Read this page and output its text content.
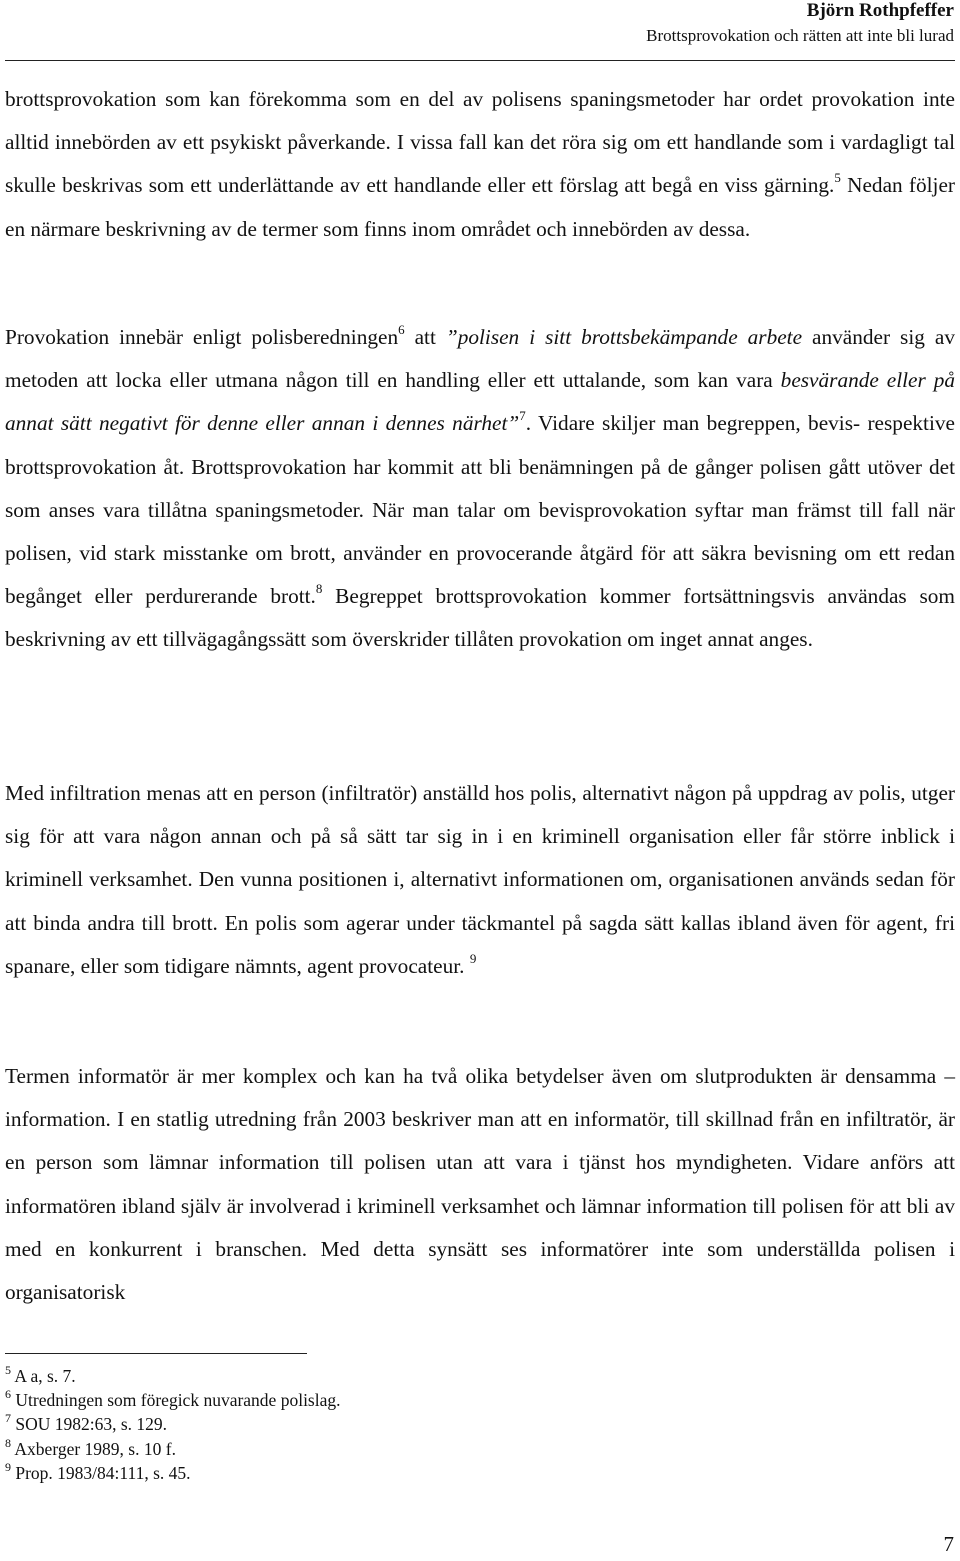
Björn Rothpfeffer
Brottsprovokation och rätten att inte bli lurad

brottsprovokation som kan förekomma som en del av polisens spaningsmetoder har ordet provokation inte alltid innebörden av ett psykiskt påverkande. I vissa fall kan det röra sig om ett handlande som i vardagligt tal skulle beskrivas som ett underlättande av ett handlande eller ett förslag att begå en viss gärning.$^5$ Nedan följer en närmare beskrivning av de termer som finns inom området och innebörden av dessa.

Provokation innebär enligt polisberedningen$^6$ att ”polisen i sitt brottsbekämpande arbete använder sig av metoden att locka eller utmana någon till en handling eller ett uttalande, som kan vara besvärande eller på annat sätt negativt för denne eller annan i dennes närhet”$^7$. Vidare skiljer man begreppen, bevis- respektive brottsprovokation åt. Brottsprovokation har kommit att bli benämningen på de gånger polisen gått utöver det som anses vara tillåtna spaningsmetoder. När man talar om bevisprovokation syftar man främst till fall när polisen, vid stark misstanke om brott, använder en provocerande åtgärd för att säkra bevisning om ett redan begånget eller perdurerande brott.$^8$ Begreppet brottsprovokation kommer fortsättningsvis användas som beskrivning av ett tillvägagångssätt som överskrider tillåten provokation om inget annat anges.

Med infiltration menas att en person (infiltratör) anställd hos polis, alternativt någon på uppdrag av polis, utger sig för att vara någon annan och på så sätt tar sig in i en kriminell organisation eller får större inblick i kriminell verksamhet. Den vunna positionen i, alternativt informationen om, organisationen används sedan för att binda andra till brott. En polis som agerar under täckmantel på sagda sätt kallas ibland även för agent, fri spanare, eller som tidigare nämnts, agent provocateur. $^9$

Termen informatör är mer komplex och kan ha två olika betydelser även om slutprodukten är densamma – information. I en statlig utredning från 2003 beskriver man att en informatör, till skillnad från en infiltratör, är en person som lämnar information till polisen utan att vara i tjänst hos myndigheten. Vidare anförs att informatören ibland själv är involverad i kriminell verksamhet och lämnar information till polisen för att bli av med en konkurrent i branschen. Med detta synsätt ses informatörer inte som underställda polisen i organisatorisk

$^5$ A a, s. 7.
$^6$ Utredningen som föregick nuvarande polislag.
$^7$ SOU 1982:63, s. 129.
$^8$ Axberger 1989, s. 10 f.
$^9$ Prop. 1983/84:111, s. 45.
7
